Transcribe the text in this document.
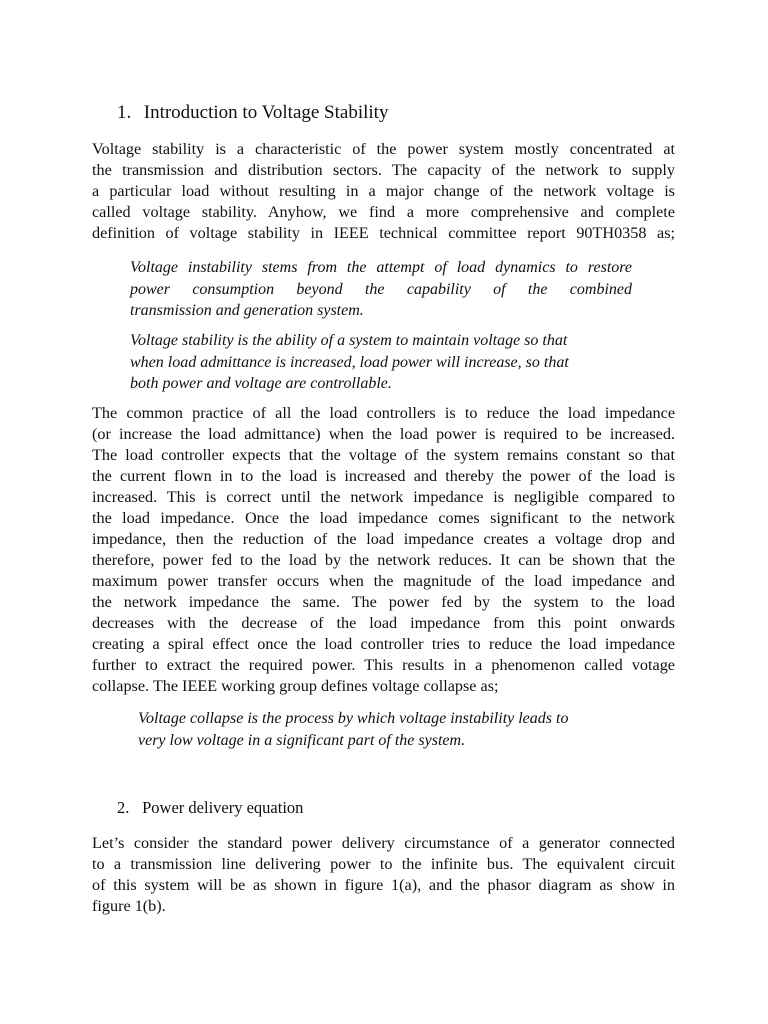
1. Introduction to Voltage Stability

Voltage stability is a characteristic of the power system mostly concentrated at
the transmission and distribution sectors. The capacity of the network to supply
a particular load without resulting in a major change of the network voltage is
called voltage stability. Anyhow, we find a more comprehensive and complete
definition of voltage stability in IEEE technical committee report 90TH0358 as;

Voltage instability stems from the attempt of load dynamics to restore
power consumption beyond the capability of the combined
transmission and generation system.
Voltage stability is the ability of a system to maintain voltage so that
when load admittance is increased, load power will increase, so that
both power and voltage are controllable.

The common practice of all the load controllers is to reduce the load impedance
(or increase the load admittance) when the load power is required to be increased.
The load controller expects that the voltage of the system remains constant so that
the current flown in to the load is increased and thereby the power of the load is
increased. This is correct until the network impedance is negligible compared to
the load impedance. Once the load impedance comes significant to the network
impedance, then the reduction of the load impedance creates a voltage drop and
therefore, power fed to the load by the network reduces. It can be shown that the
maximum power transfer occurs when the magnitude of the load impedance and
the network impedance the same. The power fed by the system to the load
decreases with the decrease of the load impedance from this point onwards
creating a spiral effect once the load controller tries to reduce the load impedance
further to extract the required power. This results in a phenomenon called votage
collapse. The IEEE working group defines voltage collapse as;

Voltage collapse is the process by which voltage instability leads to
very low voltage in a significant part of the system.
2. Power delivery equation

Let’s consider the standard power delivery circumstance of a generator connected
to a transmission line delivering power to the infinite bus. The equivalent circuit
of this system will be as shown in figure 1(a), and the phasor diagram as show in
figure 1(b).
